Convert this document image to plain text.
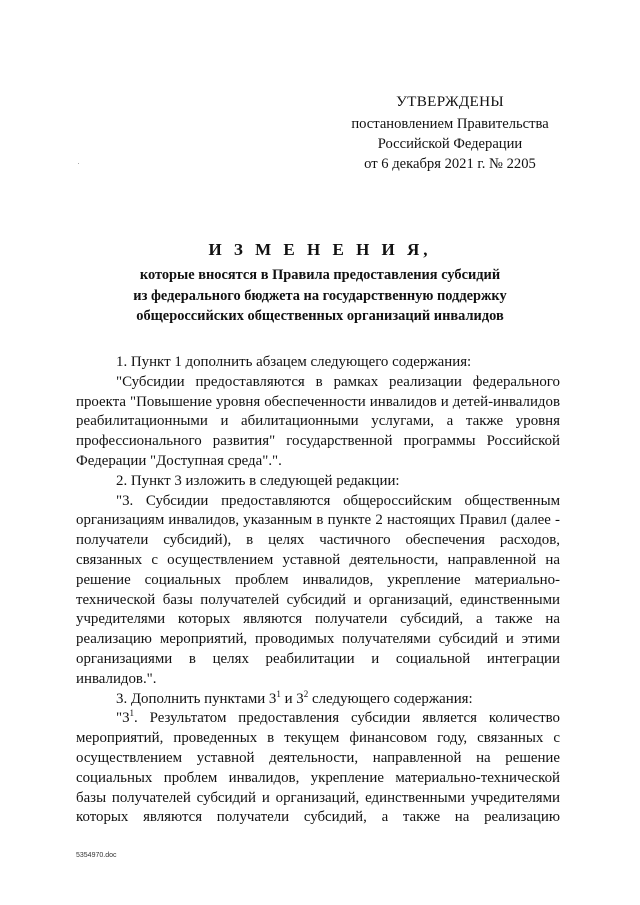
УТВЕРЖДЕНЫ
постановлением Правительства
Российской Федерации
от 6 декабря 2021 г. № 2205
И З М Е Н Е Н И Я,
которые вносятся в Правила предоставления субсидий
из федерального бюджета на государственную поддержку
общероссийских общественных организаций инвалидов

1. Пункт 1 дополнить абзацем следующего содержания:

"Субсидии предоставляются в рамках реализации федерального проекта "Повышение уровня обеспеченности инвалидов и детей-инвалидов реабилитационными и абилитационными услугами, а также уровня профессионального развития" государственной программы Российской Федерации "Доступная среда".".

2. Пункт 3 изложить в следующей редакции:

"3. Субсидии предоставляются общероссийским общественным организациям инвалидов, указанным в пункте 2 настоящих Правил (далее - получатели субсидий), в целях частичного обеспечения расходов, связанных с осуществлением уставной деятельности, направленной на решение социальных проблем инвалидов, укрепление материально-технической базы получателей субсидий и организаций, единственными учредителями которых являются получатели субсидий, а также на реализацию мероприятий, проводимых получателями субсидий и этими организациями в целях реабилитации и социальной интеграции инвалидов.".

3. Дополнить пунктами $3^1$ и $3^2$ следующего содержания:

"$3^1$. Результатом предоставления субсидии является количество мероприятий, проведенных в текущем финансовом году, связанных с осуществлением уставной деятельности, направленной на решение социальных проблем инвалидов, укрепление материально-технической базы получателей субсидий и организаций, единственными учредителями которых являются получатели субсидий, а также на реализацию

5354970.doc
